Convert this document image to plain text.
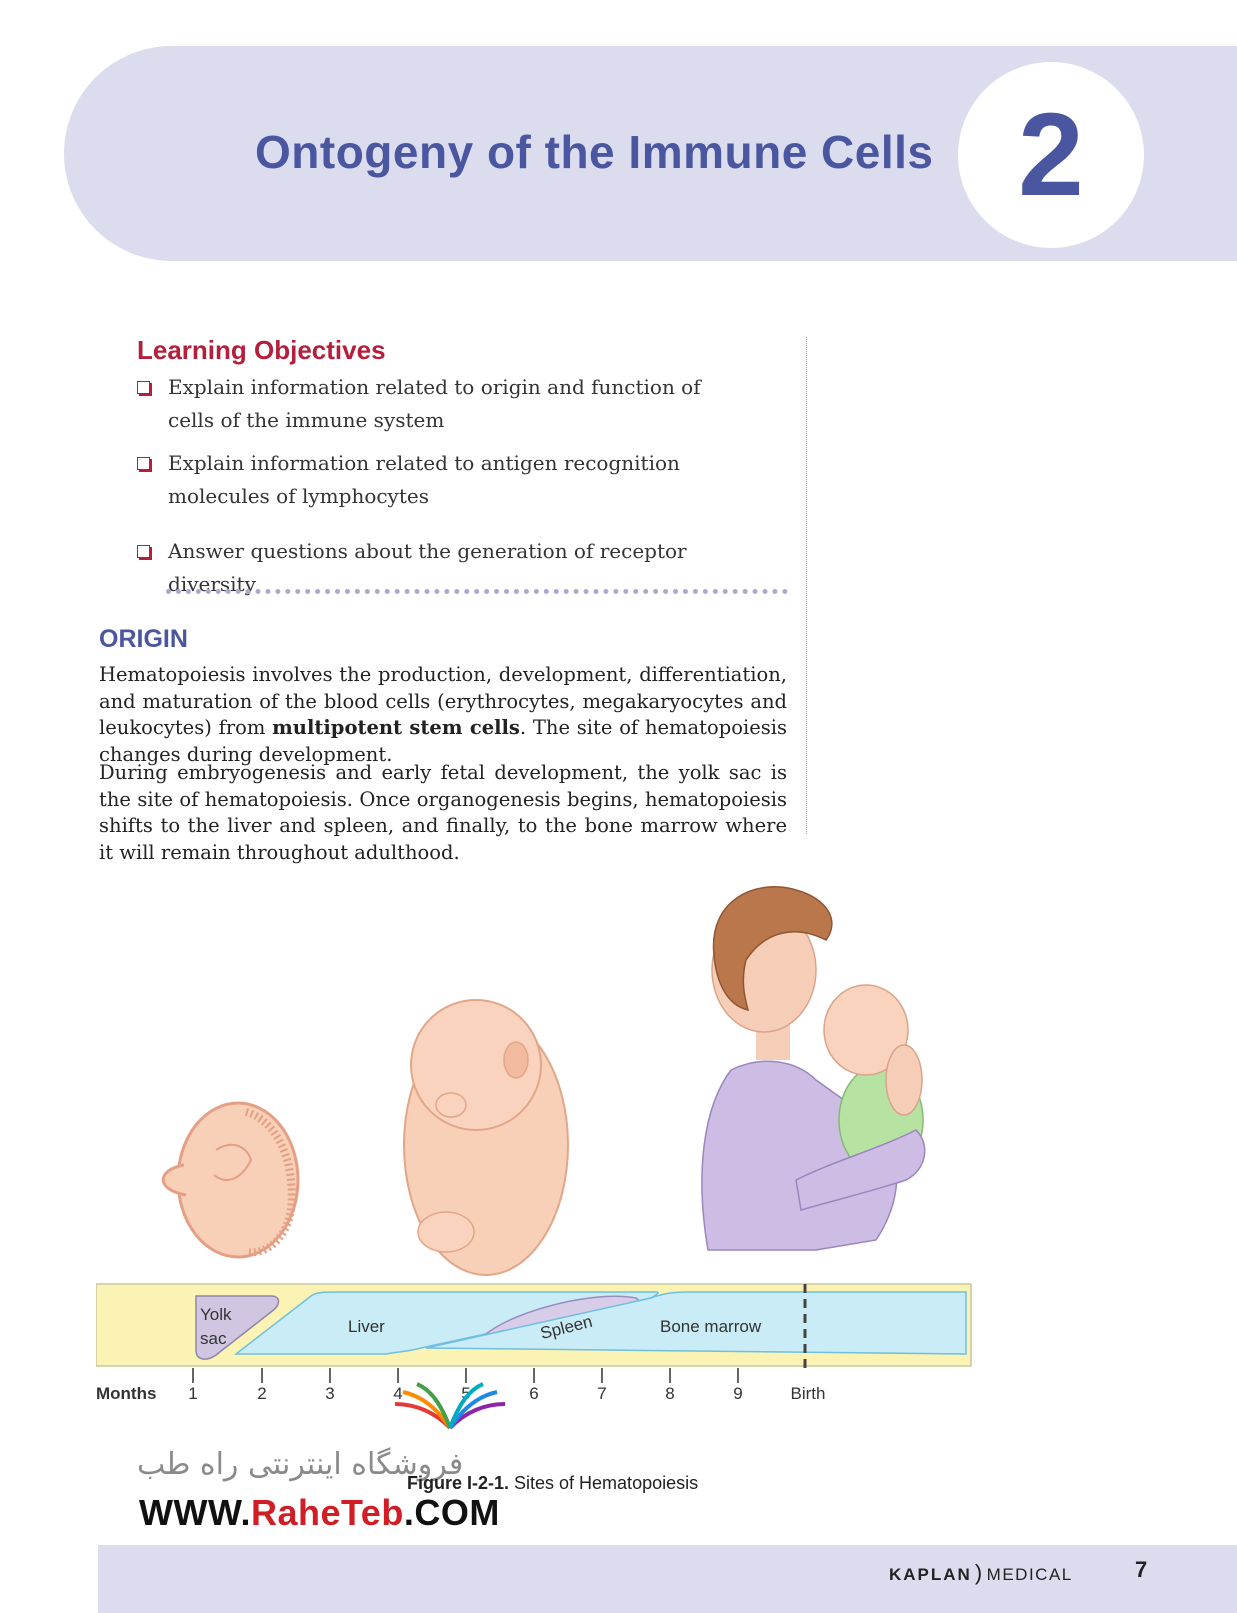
Ontogeny of the Immune Cells 2
Learning Objectives
Explain information related to origin and function of cells of the immune system
Explain information related to antigen recognition molecules of lymphocytes
Answer questions about the generation of receptor diversity
ORIGIN
Hematopoiesis involves the production, development, differentiation, and maturation of the blood cells (erythrocytes, megakaryocytes and leukocytes) from multipotent stem cells. The site of hematopoiesis changes during development.
During embryogenesis and early fetal development, the yolk sac is the site of hematopoiesis. Once organogenesis begins, hematopoiesis shifts to the liver and spleen, and finally, to the bone marrow where it will remain throughout adulthood.
Yolk
sac
Liver	Spleen	Bone marrow
Months 1	2	3	4	5	6	7	8	9	Birth
فروشگاه اینترنتی راه طب
Figure I-2-1. Sites of Hematopoiesis
WWW.RaheTeb.COM
KAPLAN ) MEDICAL	7
